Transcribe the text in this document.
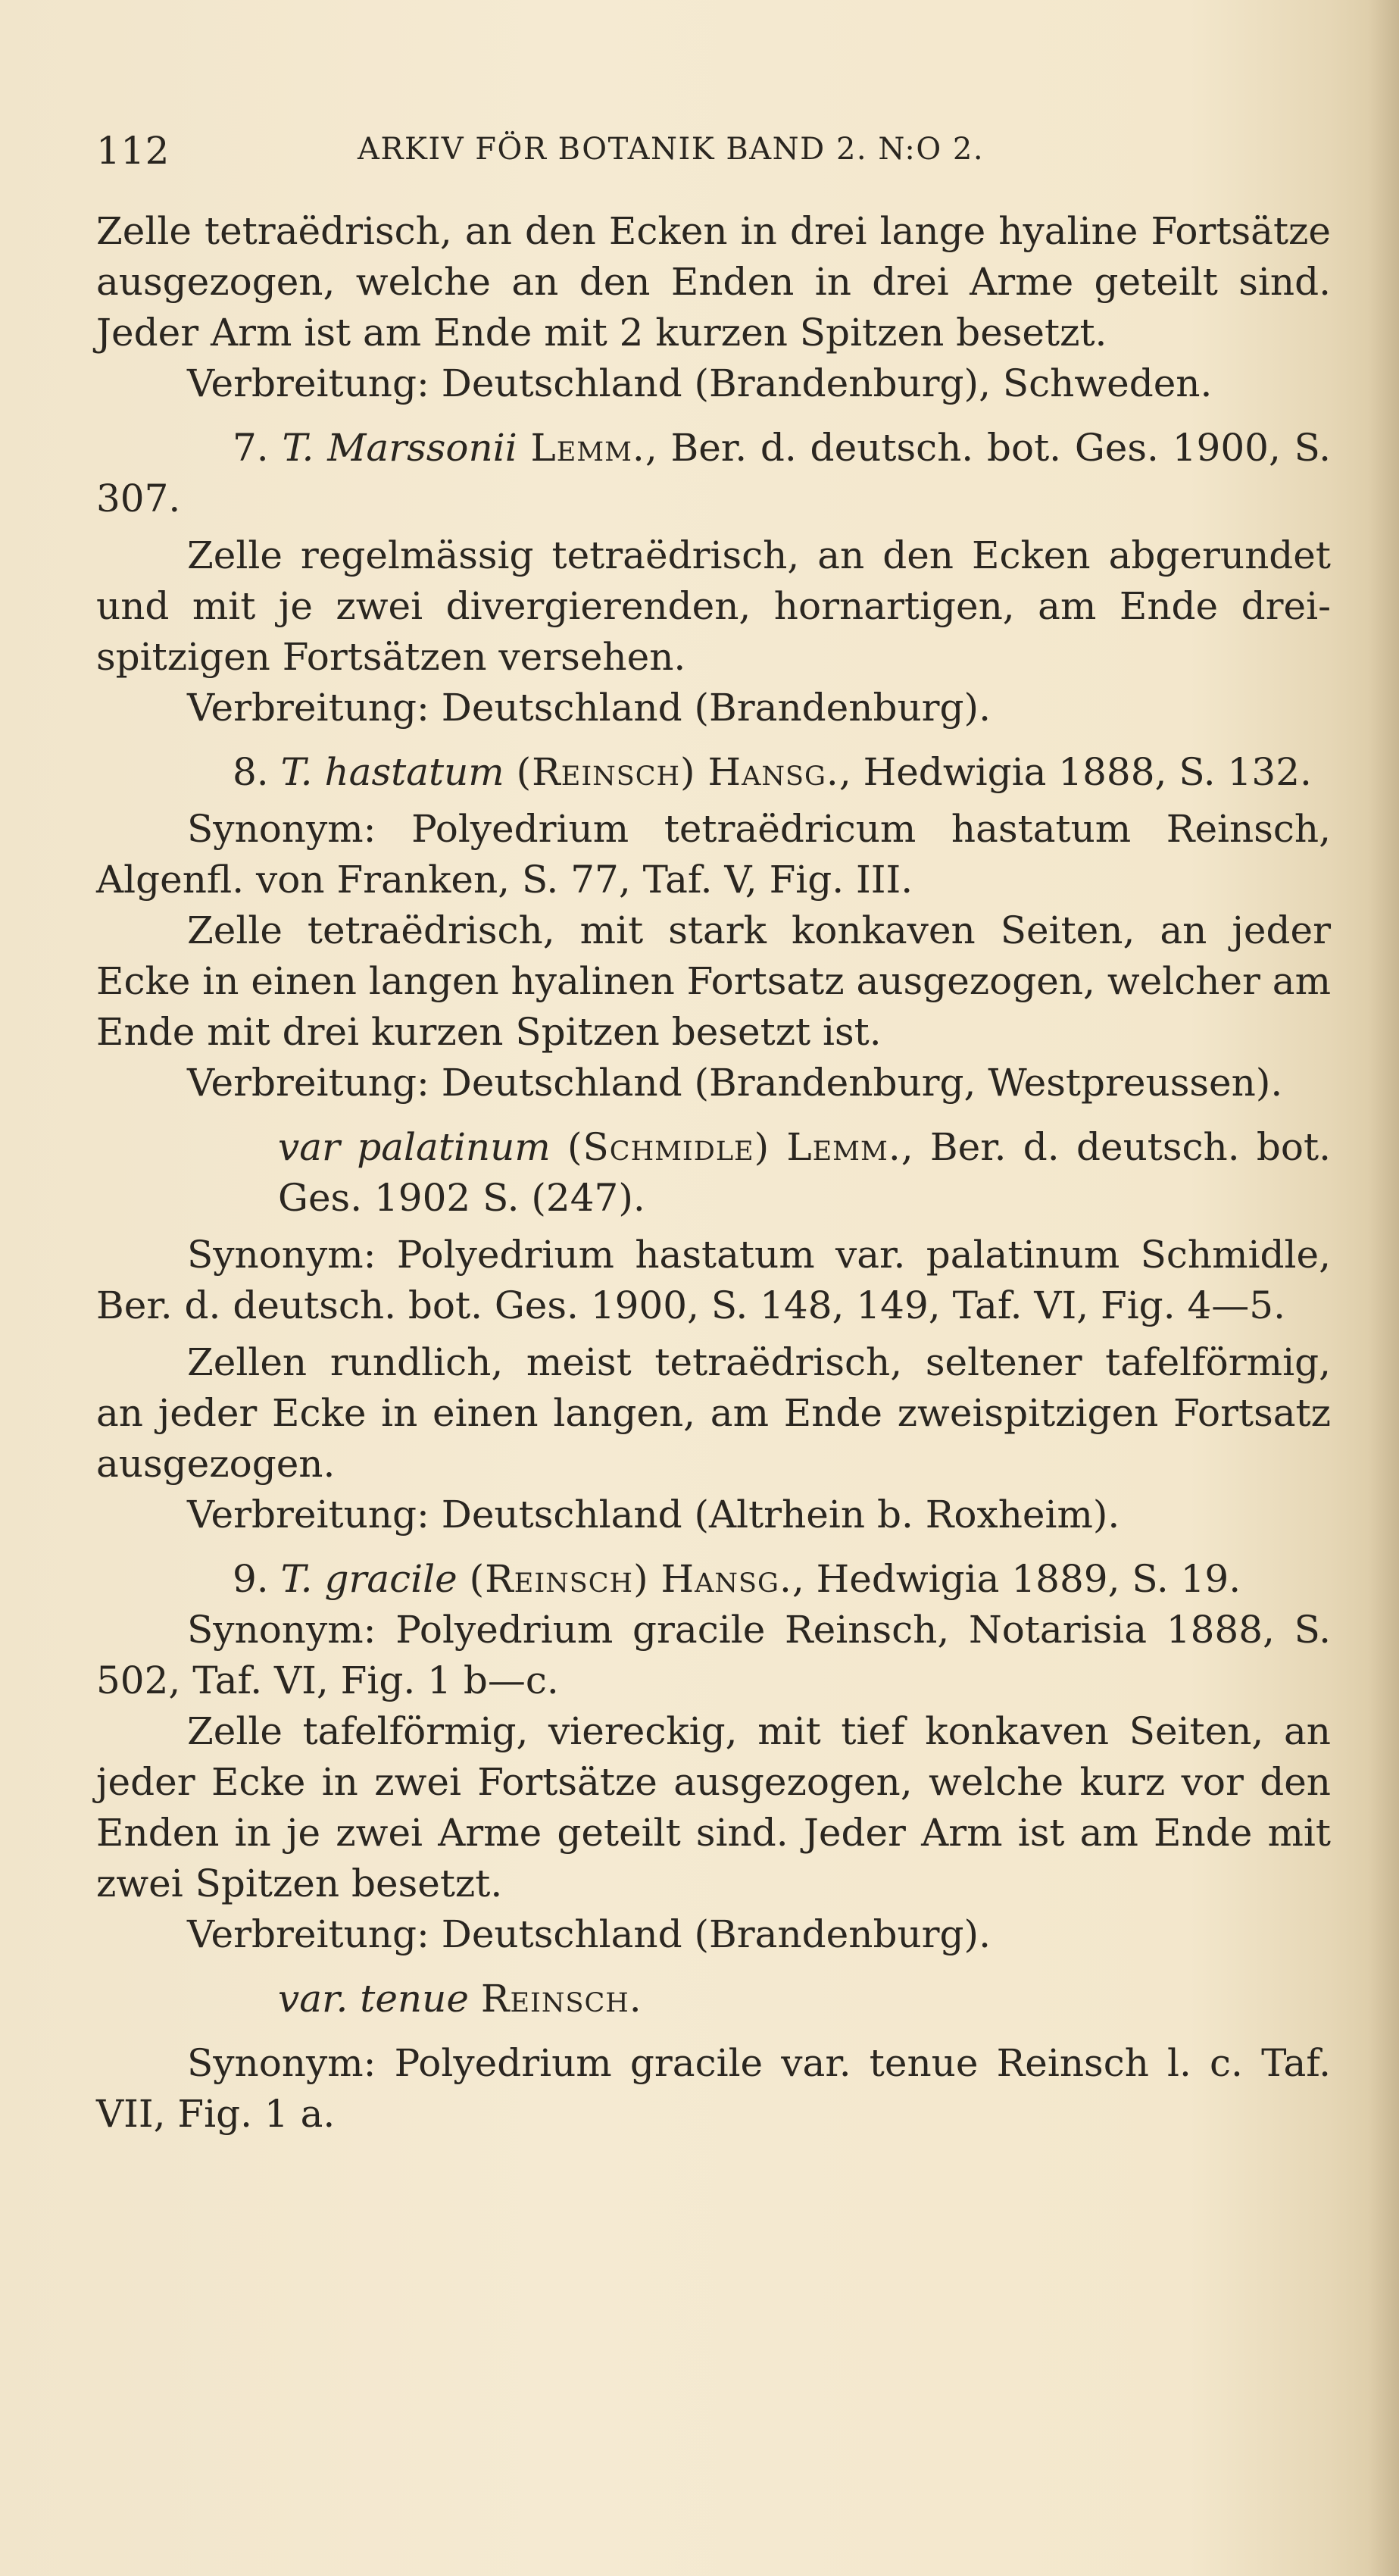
112	ARKIV FÖR BOTANIK BAND 2. N:O 2.

Zelle tetraëdrisch, an den Ecken in drei lange hyaline Fortsätze ausgezogen, welche an den Enden in drei Arme geteilt sind. Jeder Arm ist am Ende mit 2 kurzen Spitzen besetzt.

Verbreitung: Deutschland (Brandenburg), Schweden.

7. T. Marssonii Lemm., Ber. d. deutsch. bot. Ges. 1900, S. 307.

Zelle regelmässig tetraëdrisch, an den Ecken abgerundet und mit je zwei divergierenden, hornartigen, am Ende drei-spitzigen Fortsätzen versehen.

Verbreitung: Deutschland (Brandenburg).

8. T. hastatum (Reinsch) Hansg., Hedwigia 1888, S. 132.

Synonym: Polyedrium tetraëdricum hastatum Reinsch, Algenfl. von Franken, S. 77, Taf. V, Fig. III.

Zelle tetraëdrisch, mit stark konkaven Seiten, an jeder Ecke in einen langen hyalinen Fortsatz ausgezogen, welcher am Ende mit drei kurzen Spitzen besetzt ist.

Verbreitung: Deutschland (Brandenburg, Westpreussen).

var palatinum (Schmidle) Lemm., Ber. d. deutsch. bot. Ges. 1902 S. (247).

Synonym: Polyedrium hastatum var. palatinum Schmidle, Ber. d. deutsch. bot. Ges. 1900, S. 148, 149, Taf. VI, Fig. 4—5.

Zellen rundlich, meist tetraëdrisch, seltener tafelförmig, an jeder Ecke in einen langen, am Ende zweispitzigen Fortsatz ausgezogen.

Verbreitung: Deutschland (Altrhein b. Roxheim).

9. T. gracile (Reinsch) Hansg., Hedwigia 1889, S. 19.

Synonym: Polyedrium gracile Reinsch, Notarisia 1888, S. 502, Taf. VI, Fig. 1 b—c.

Zelle tafelförmig, viereckig, mit tief konkaven Seiten, an jeder Ecke in zwei Fortsätze ausgezogen, welche kurz vor den Enden in je zwei Arme geteilt sind. Jeder Arm ist am Ende mit zwei Spitzen besetzt.

Verbreitung: Deutschland (Brandenburg).

var. tenue Reinsch.

Synonym: Polyedrium gracile var. tenue Reinsch l. c. Taf. VII, Fig. 1 a.
